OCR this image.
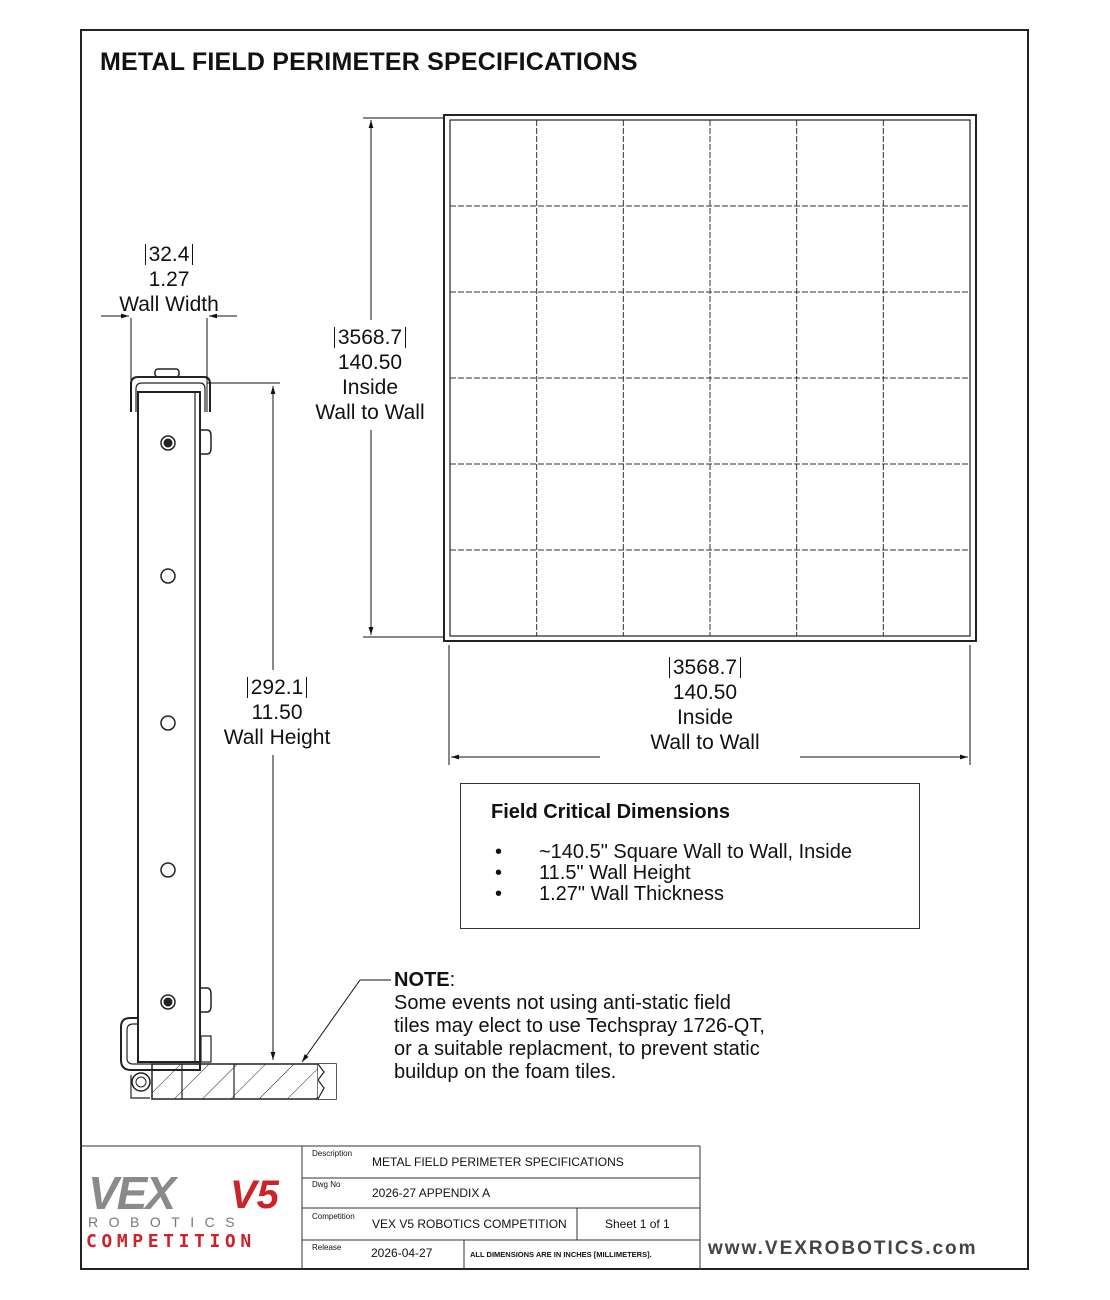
METAL FIELD PERIMETER SPECIFICATIONS
32.4
1.27
Wall Width
3568.7
140.50
Inside
Wall to Wall
3568.7
140.50
Inside
Wall to Wall
292.1
11.50
Wall Height
Field Critical Dimensions
• ~140.5" Square Wall to Wall, Inside
• 11.5" Wall Height
• 1.27" Wall Thickness
NOTE:
Some events not using anti-static field
tiles may elect to use Techspray 1726-QT,
or a suitable replacment, to prevent static
buildup on the foam tiles.
VEX V5
ROBOTICS
COMPETITION
Description
METAL FIELD PERIMETER SPECIFICATIONS
Dwg No
2026-27 APPENDIX A
Competition
VEX V5 ROBOTICS COMPETITION	Sheet 1 of 1
Release 2026-04-27	ALL DIMENSIONS ARE IN INCHES [MILLIMETERS].	www.VEXROBOTICS.com
